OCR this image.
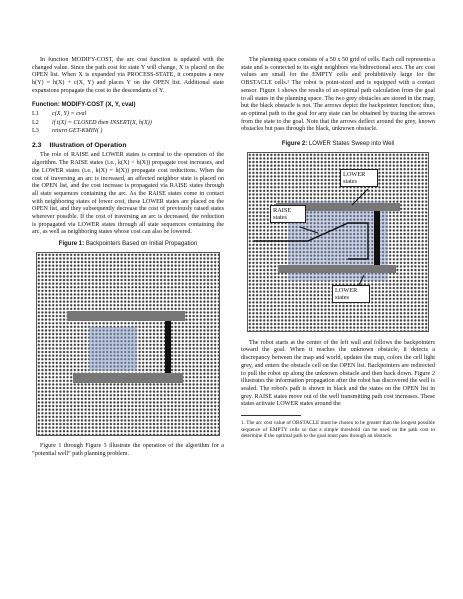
In function MODIFY-COST, the arc cost function is updated with the changed value. Since the path cost for state Y will change, X is placed on the OPEN list. When X is expanded via PROCESS-STATE, it computes a new h(Y) = h(X) + c(X, Y) and places Y on the OPEN list. Additional state expansions propagate the cost to the descendants of Y.

Function: MODIFY-COST (X, Y, cval)
L1	c(X, Y) = cval
L2	if t(X) = CLOSED then INSERT(X, h(X))
L3	return GET-KMIN( )
2.3 Illustration of Operation

The role of RAISE and LOWER states is central to the operation of the algorithm. The RAISE states (i.e., k(X) < h(X)) propagate cost increases, and the LOWER states (i.e., k(X) = h(X)) propagate cost reductions. When the cost of traversing an arc is increased, an affected neighbor state is placed on the OPEN list, and the cost increase is propagated via RAISE states through all state sequences containing the arc. As the RAISE states come in contact with neighboring states of lower cost, these LOWER states are placed on the OPEN list, and they subsequently decrease the cost of previously raised states wherever possible. If the cost of traversing an arc is decreased, the reduction is propagated via LOWER states through all state sequences containing the arc, as well as neighboring states whose cost can also be lowered.

Figure 1: Backpointers Based on Initial Propagation

Figure 1 through Figure 3 illustrate the operation of the algorithm for a “potential well” path planning problem.

The planning space consists of a 50 x 50 grid of cells. Each cell represents a state and is connected to its eight neighbors via bidirectional arcs. The arc cost values are small for the EMPTY cells and prohibitively large for the OBSTACLE cells.¹ The robot is point-sized and is equipped with a contact sensor. Figure 1 shows the results of an optimal path calculation from the goal to all states in the planning space. The two grey obstacles are stored in the map, but the black obstacle is not. The arrows depict the backpointer function; thus, an optimal path to the goal for any state can be obtained by tracing the arrows from the state to the goal. Note that the arrows deflect around the grey, known obstacles but pass through the black, unknown obstacle.

Figure 2: LOWER States Sweep into Well
LOWER states
RAISE states
LOWER states

The robot starts at the center of the left wall and follows the backpointers toward the goal. When it reaches the unknown obstacle, it detects a discrepancy between the map and world, updates the map, colors the cell light grey, and enters the obstacle cell on the OPEN list. Backpointers are redirected to pull the robot up along the unknown obstacle and then back down. Figure 2 illustrates the information propagation after the robot has discovered the well is sealed. The robot's path is shown in black and the states on the OPEN list in grey. RAISE states move out of the well transmitting path cost increases. These states activate LOWER states around the

1. The arc cost value of OBSTACLE must be chosen to be greater than the longest possible sequence of EMPTY cells so that a simple threshold can be used on the path cost to determine if the optimal path to the goal must pass through an obstacle.
